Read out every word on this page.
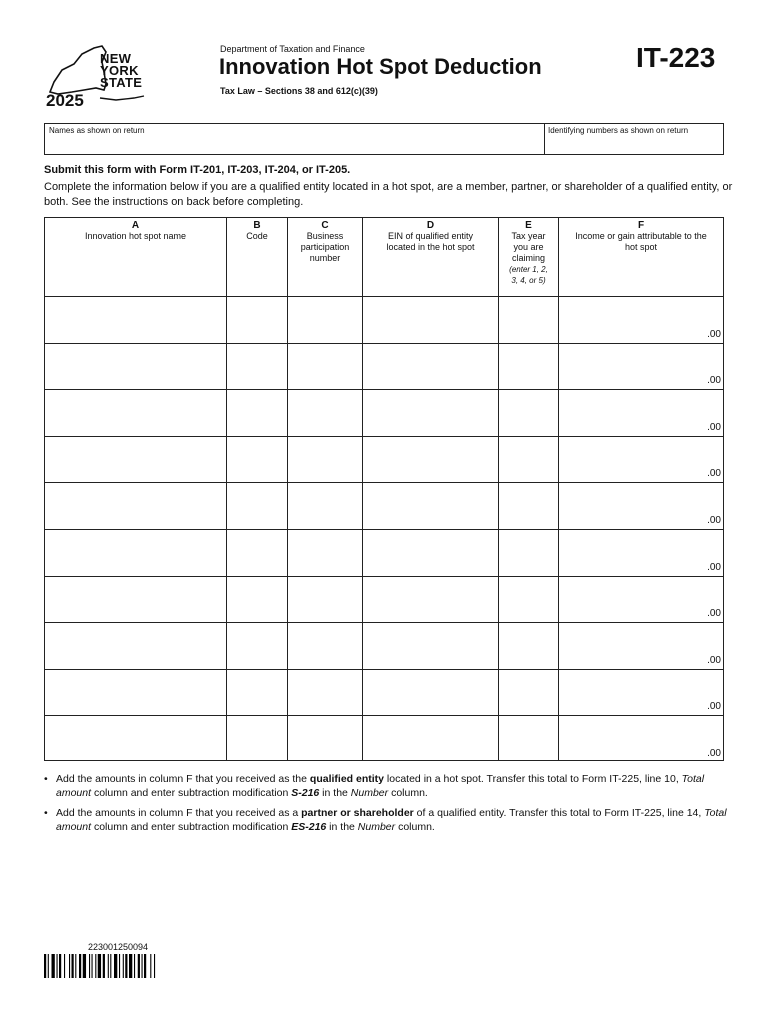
NEW
YORK
STATE
2025
Department of Taxation and Finance
Innovation Hot Spot Deduction
Tax Law – Sections 38 and 612(c)(39)
IT-223
Names as shown on return	Identifying numbers as shown on return
Submit this form with Form IT-201, IT-203, IT-204, or IT-205.
Complete the information below if you are a qualified entity located in a hot spot, are a member, partner, or shareholder of a qualified entity, or both. See the instructions on back before completing.
A
Innovation hot spot name
B
Code
C
Business participation number
D
EIN of qualified entity located in the hot spot
E
Tax year you are claiming
(enter 1, 2, 3, 4, or 5)
F
Income or gain attributable to the hot spot
.00
.00
.00
.00
.00
.00
.00
.00
.00
.00
• Add the amounts in column F that you received as the qualified entity located in a hot spot. Transfer this total to Form IT-225, line 10, Total amount column and enter subtraction modification S-216 in the Number column.
• Add the amounts in column F that you received as a partner or shareholder of a qualified entity. Transfer this total to Form IT-225, line 14, Total amount column and enter subtraction modification ES-216 in the Number column.
223001250094
